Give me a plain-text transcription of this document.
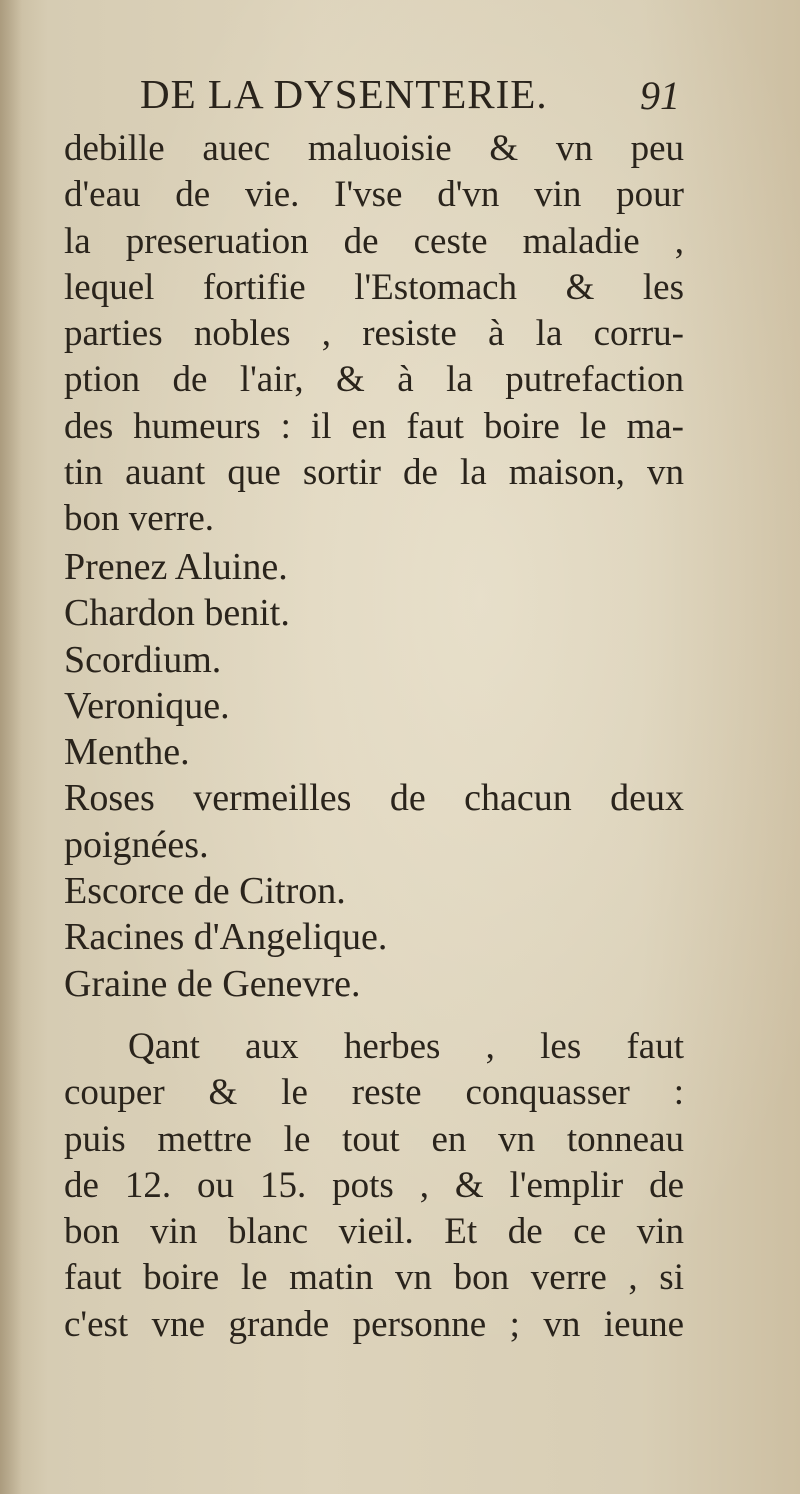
DE LA DYSENTERIE. 91
debille auec maluoisie & vn peu
d'eau de vie. I'vse d'vn vin pour
la preseruation de ceste maladie ,
lequel fortifie l'Estomach & les
parties nobles , resiste à la corru-
ption de l'air, & à la putrefaction
des humeurs : il en faut boire le ma-
tin auant que sortir de la maison, vn
bon verre.
Prenez Aluine.
Chardon benit.
Scordium.
Veronique.
Menthe.
Roses vermeilles de chacun deux
poignées.
Escorce de Citron.
Racines d'Angelique.
Graine de Genevre.
Qant aux herbes , les faut
couper & le reste conquasser :
puis mettre le tout en vn tonneau
de 12. ou 15. pots , & l'emplir de
bon vin blanc vieil. Et de ce vin
faut boire le matin vn bon verre , si
c'est vne grande personne ; vn ieune
